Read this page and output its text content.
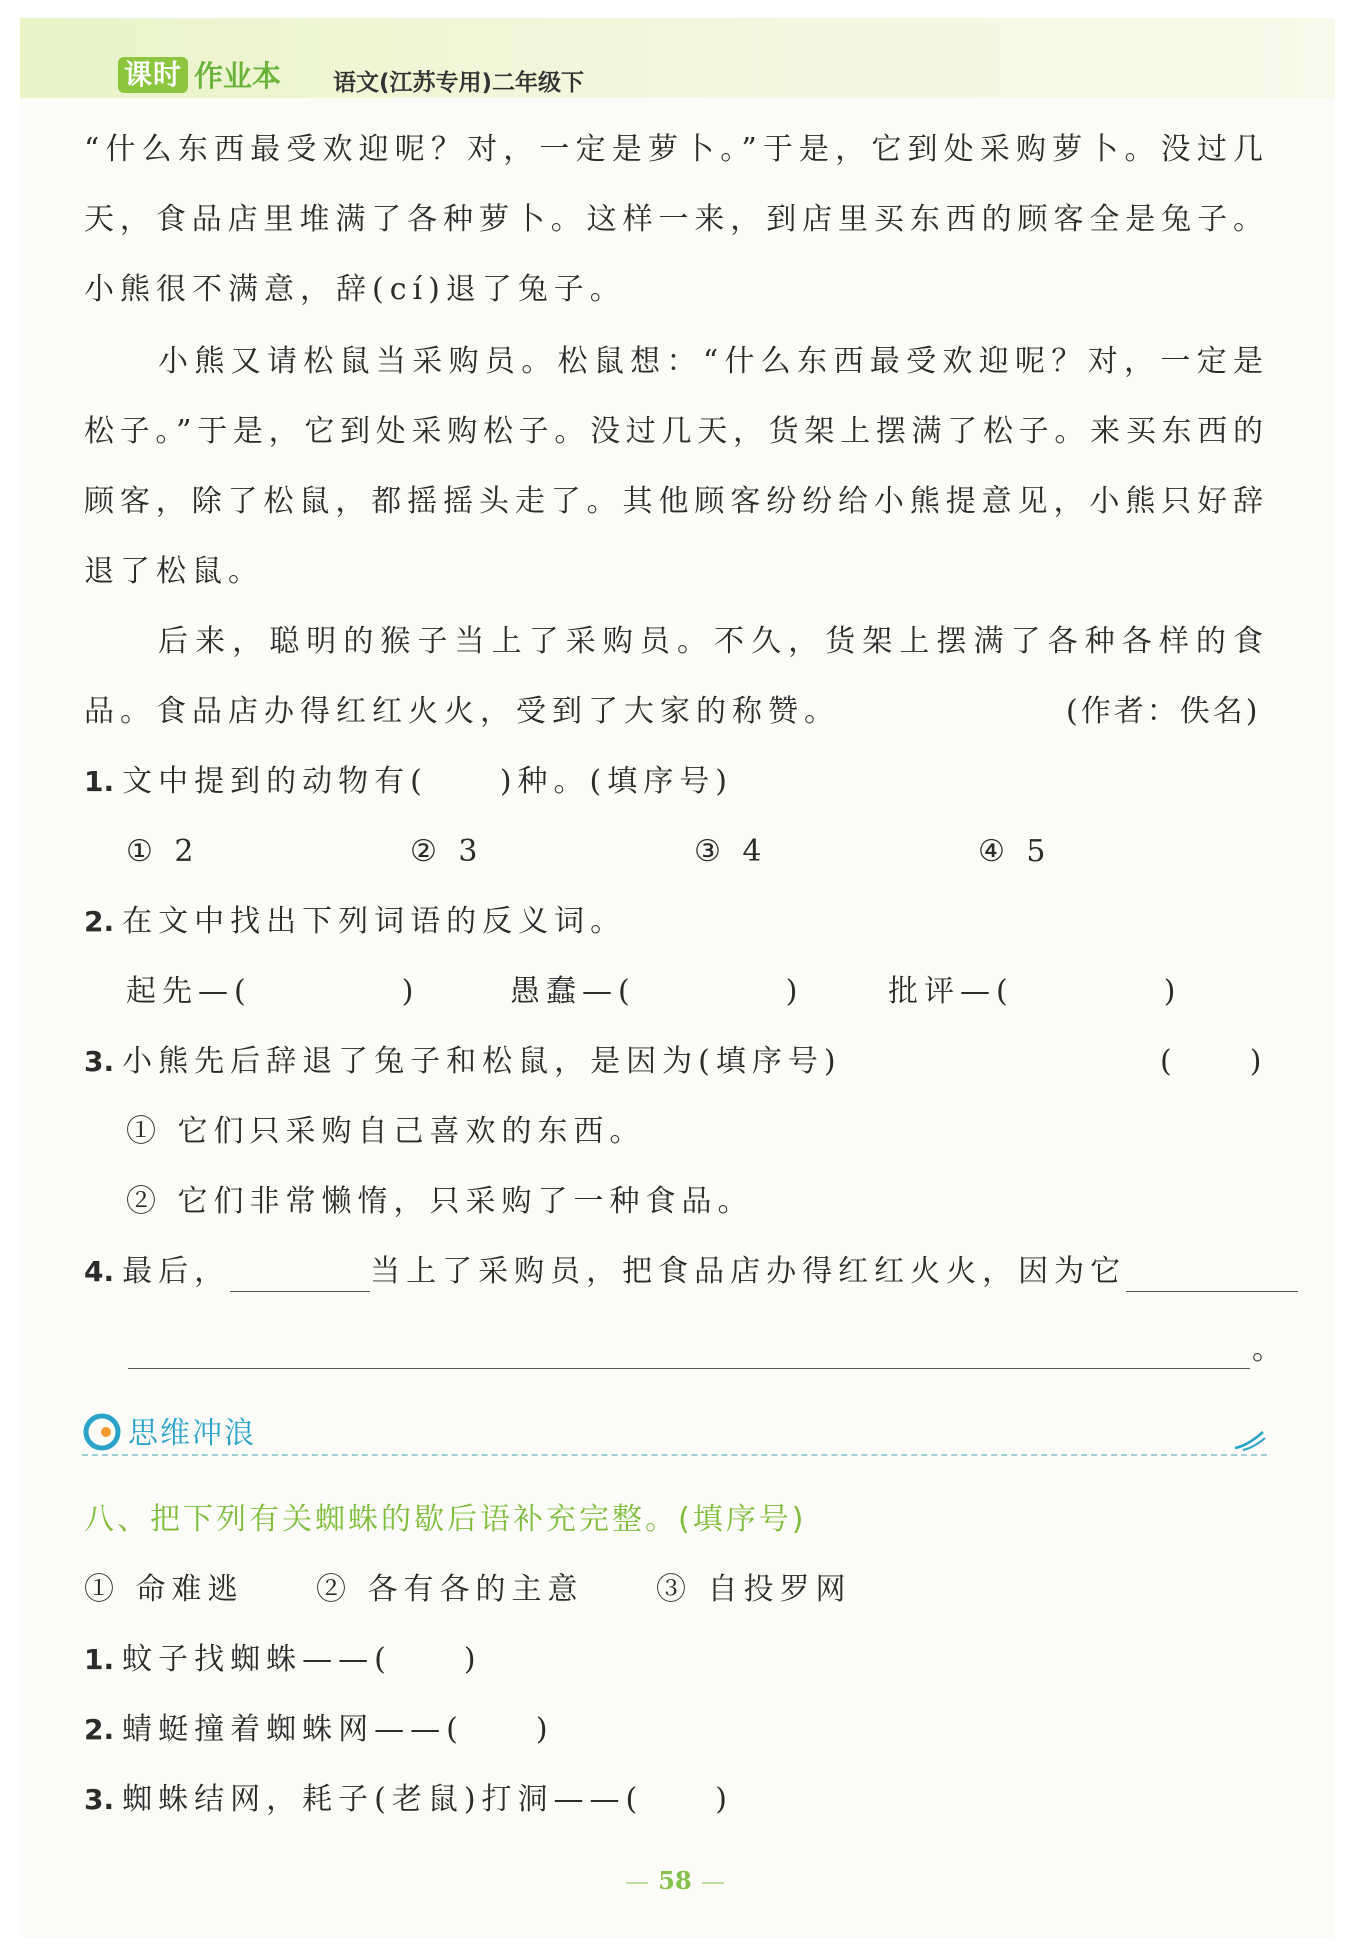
课时 作业本 语文(江苏专用)二年级下
“什么东西最受欢迎呢？对，一定是萝卜。”于是，它到处采购萝卜。没过几
天，食品店里堆满了各种萝卜。这样一来，到店里买东西的顾客全是兔子。
小熊很不满意，辞(cí)退了兔子。
小熊又请松鼠当采购员。松鼠想：“什么东西最受欢迎呢？对，一定是
松子。”于是，它到处采购松子。没过几天，货架上摆满了松子。来买东西的
顾客，除了松鼠，都摇摇头走了。其他顾客纷纷给小熊提意见，小熊只好辞
退了松鼠。
后来，聪明的猴子当上了采购员。不久，货架上摆满了各种各样的食
品。食品店办得红红火火，受到了大家的称赞。	(作者：佚名)
1. 文中提到的动物有(　　)种。(填序号)
① 2	② 3	③ 4	④ 5
2. 在文中找出下列词语的反义词。
起先—(	)	愚蠢—(	)	批评—(	)
3. 小熊先后辞退了兔子和松鼠，是因为(填序号)	(　　)
① 它们只采购自己喜欢的东西。
② 它们非常懒惰，只采购了一种食品。
4. 最后，	当上了采购员，把食品店办得红红火火，因为它
。
思维冲浪
八、把下列有关蜘蛛的歇后语补充完整。(填序号)
① 命难逃 ② 各有各的主意 ③ 自投罗网
1. 蚊子找蜘蛛——(　　)
2. 蜻蜓撞着蜘蛛网——(　　)
3. 蜘蛛结网，耗子(老鼠)打洞——(　　)
58
